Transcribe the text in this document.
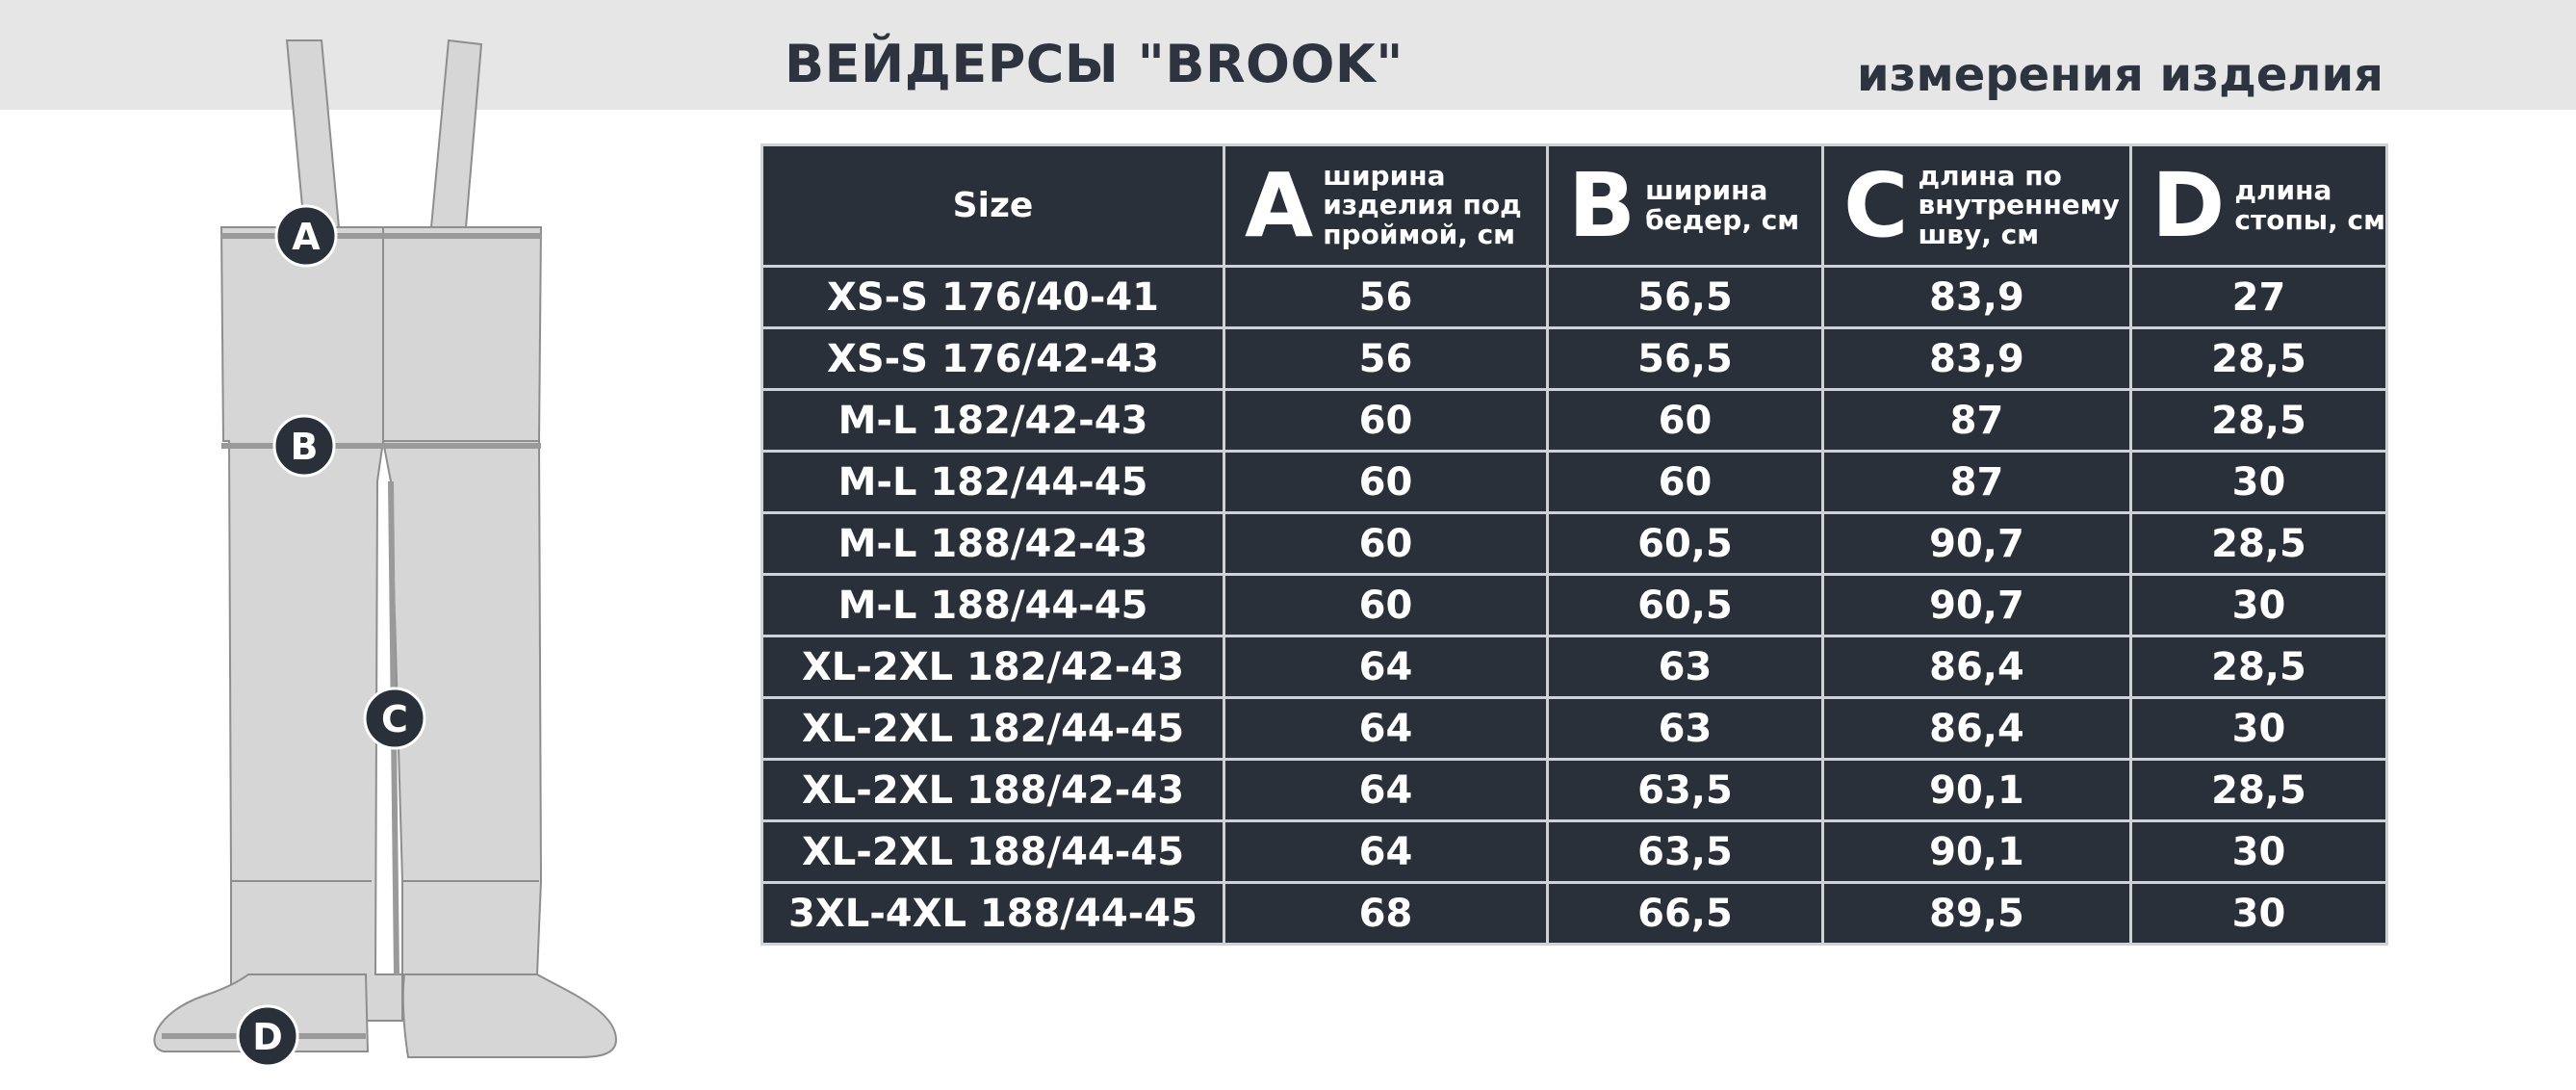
ВЕЙДЕРСЫ "BROOK"	измерения изделия
A
B
C
D
Size	A ширина изделия под проймой, см	B ширина бедер, см	C длина по внутреннему шву, см	D длина стопы, см

XS-S 176/40-41	56	56,5	83,9	27
XS-S 176/42-43	56	56,5	83,9	28,5
M-L 182/42-43	60	60	87	28,5
M-L 182/44-45	60	60	87	30
M-L 188/42-43	60	60,5	90,7	28,5
M-L 188/44-45	60	60,5	90,7	30
XL-2XL 182/42-43	64	63	86,4	28,5
XL-2XL 182/44-45	64	63	86,4	30
XL-2XL 188/42-43	64	63,5	90,1	28,5
XL-2XL 188/44-45	64	63,5	90,1	30
3XL-4XL 188/44-45	68	66,5	89,5	30
